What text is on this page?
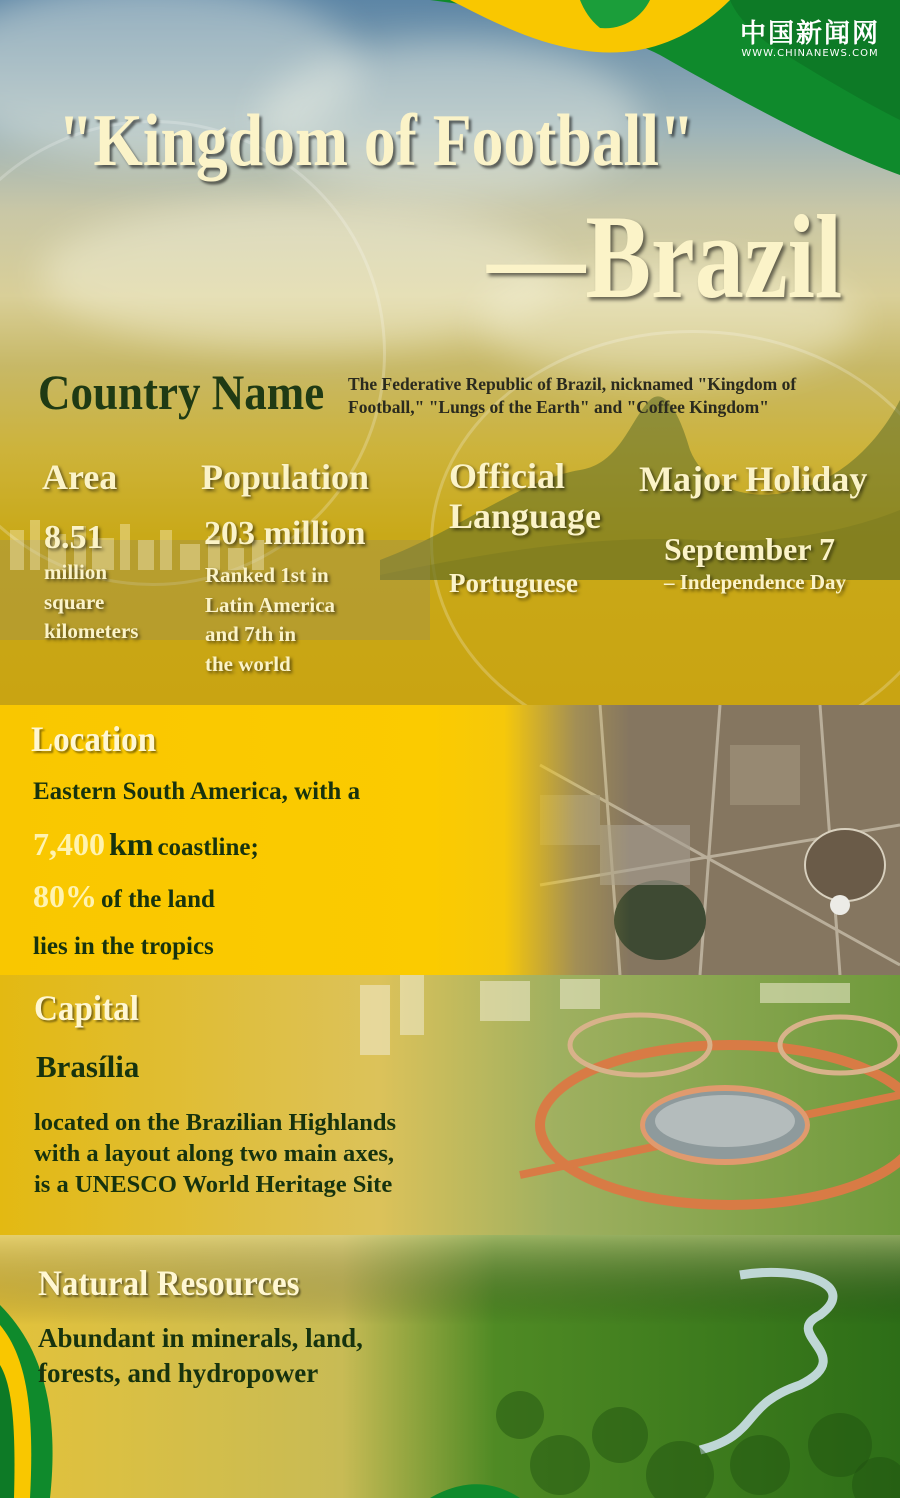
中国新闻网
WWW.CHINANEWS.COM
"Kingdom of Football"
—Brazil
Country Name The Federative Republic of Brazil, nicknamed "Kingdom of
Football," "Lungs of the Earth" and "Coffee Kingdom"
Area
8.51
million
square
kilometers
Population
203 million
Ranked 1st in
Latin America
and 7th in
the world
Official
Language
Portuguese
Major Holiday
September 7
– Independence Day
Location
Eastern South America, with a
7,400 km coastline;
80% of the land
lies in the tropics
Capital
Brasília
located on the Brazilian Highlands
with a layout along two main axes,
is a UNESCO World Heritage Site
Natural Resources
Abundant in minerals, land,
forests, and hydropower
